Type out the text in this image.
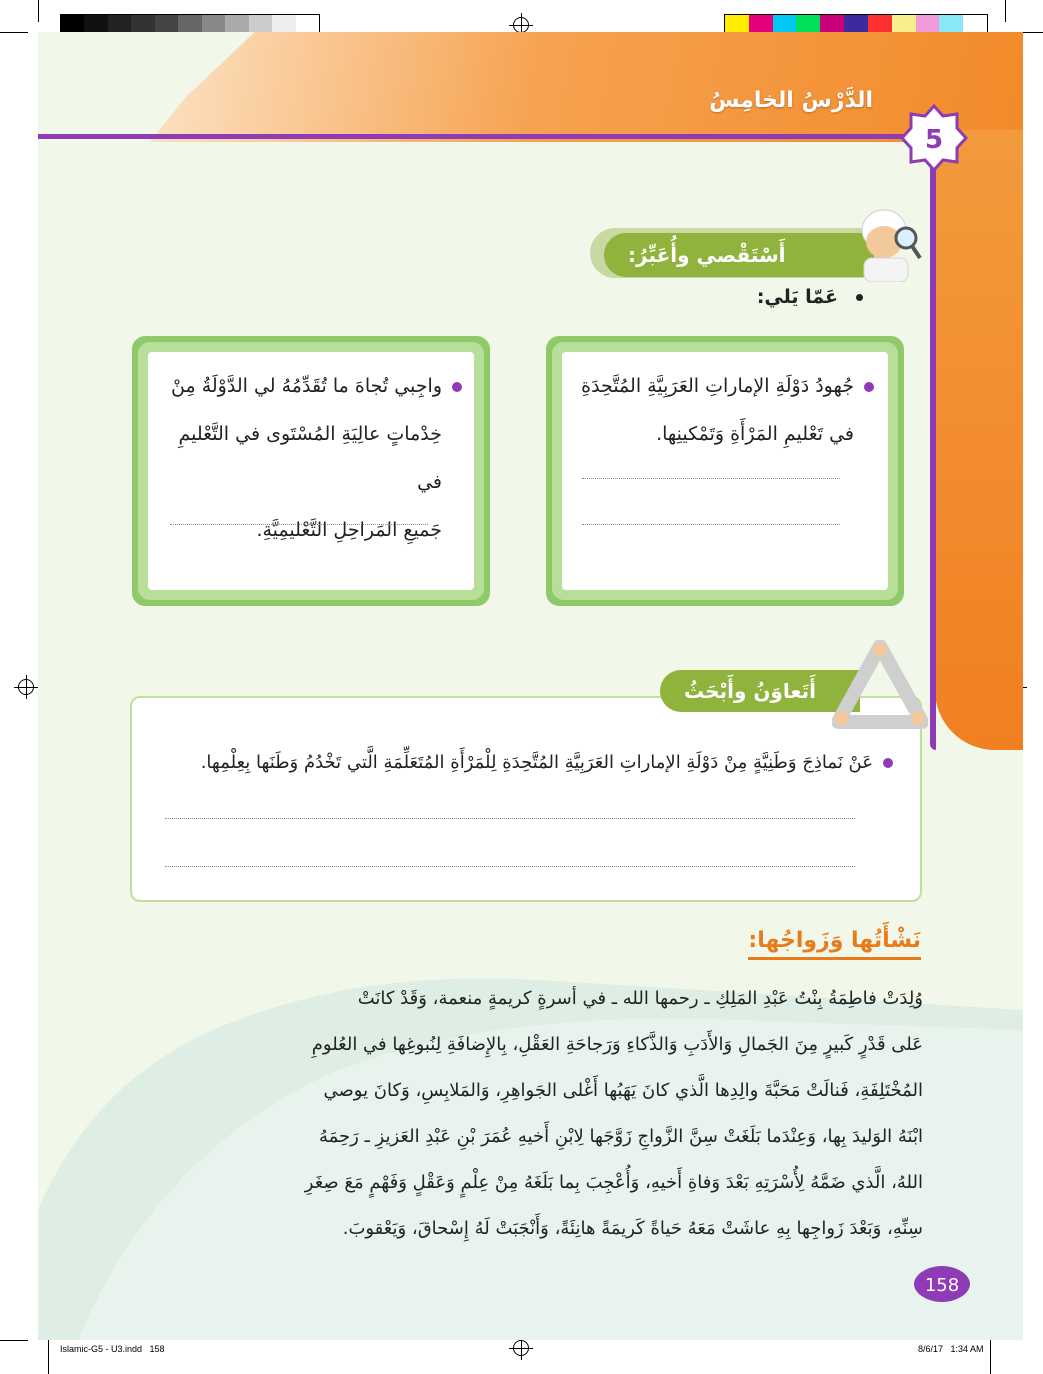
الدَّرْسُ الخامِسُ
5
أَسْتَقْصي وأُعَبِّرُ:
عَمّا يَلي:
جُهودُ دَوْلَةِ الإماراتِ العَرَبِيَّةِ المُتَّحِدَةِ
في تَعْليمِ المَرْأَةِ وَتَمْكينِها.
واجِبي تُجاهَ ما تُقَدِّمُهُ لي الدَّوْلَةُ مِنْ
خِدْماتٍ عالِيَةِ المُسْتَوى في التَّعْليمِ في
جَميعِ المَراحِلِ التَّعْليمِيَّةِ.
أَتَعاوَنُ وأَبْحَثُ
عَنْ نَماذِجَ وَطَنِيَّةٍ مِنْ دَوْلَةِ الإماراتِ العَرَبِيَّةِ المُتَّحِدَةِ لِلْمَرْأَةِ المُتَعَلِّمَةِ الَّتي تَخْدُمُ وَطَنَها بِعِلْمِها.
نَشْأَتُها وَزَواجُها:
وُلِدَتْ فاطِمَةُ بِنْتُ عَبْدِ المَلِكِ ـ رحمها الله ـ في أسرةٍ كريمةٍ منعمة، وَقَدْ كانَتْ
عَلى قَدْرٍ كَبيرٍ مِنَ الجَمالِ وَالأَدَبِ وَالذَّكاءِ وَرَجاحَةِ العَقْلِ، بِالإِضافَةِ لِنُبوغِها في العُلومِ
المُخْتَلِفَةِ، فَنالَتْ مَحَبَّةَ والِدِها الَّذي كانَ يَهَبُها أَغْلى الجَواهِرِ، وَالمَلابِسِ، وَكانَ يوصي
ابْنَهُ الوَليدَ بِها، وَعِنْدَما بَلَغَتْ سِنَّ الزَّواجِ زَوَّجَها لِابْنِ أَخيهِ عُمَرَ بْنِ عَبْدِ العَزيزِ ـ رَحِمَهُ
اللهُ، الَّذي ضَمَّهُ لِأُسْرَتِهِ بَعْدَ وَفاةِ أَخيهِ، وَأُعْجِبَ بِما بَلَغَهُ مِنْ عِلْمٍ وَعَقْلٍ وَفَهْمٍ مَعَ صِغَرِ
سِنِّهِ، وَبَعْدَ زَواجِها بِهِ عاشَتْ مَعَهُ حَياةً كَريمَةً هانِئَةً، وَأَنْجَبَتْ لَهُ إِسْحاقَ، وَيَعْقوبَ.
158
Islamic-G5 - U3.indd   158	8/6/17   1:34 AM
